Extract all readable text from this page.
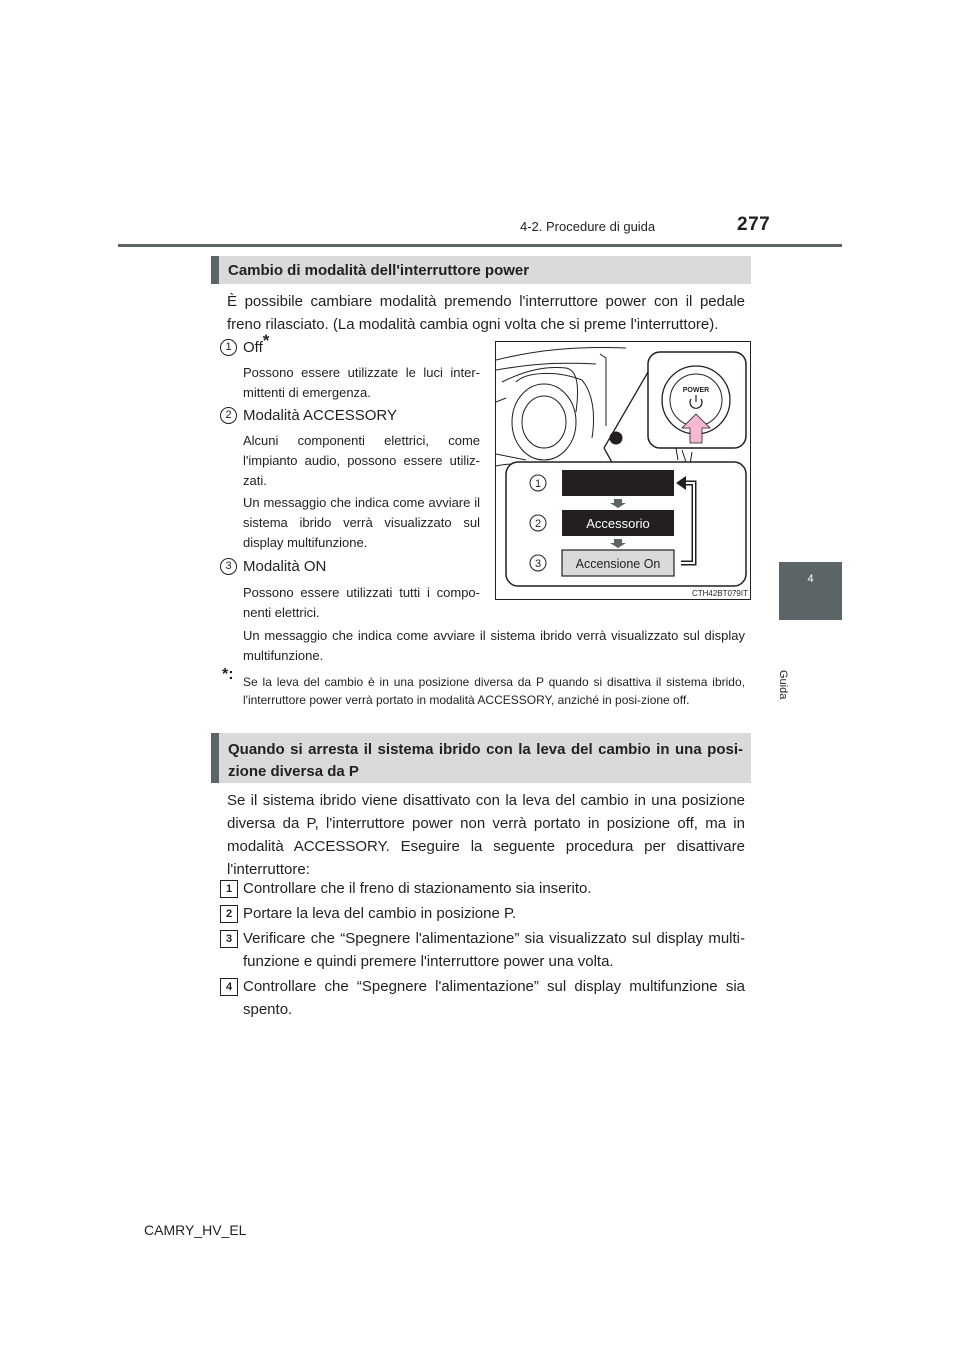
4-2. Procedure di guida	277
4
Guida
Cambio di modalità dell'interruttore power
È possibile cambiare modalità premendo l'interruttore power con il pedale freno rilasciato. (La modalità cambia ogni volta che si preme l'interruttore).
1 Off*
Possono essere utilizzate le luci inter-mittenti di emergenza.
2 Modalità ACCESSORY
Alcuni componenti elettrici, come l'impianto audio, possono essere utiliz-zati.
Un messaggio che indica come avviare il sistema ibrido verrà visualizzato sul display multifunzione.
3 Modalità ON
Possono essere utilizzati tutti i compo-nenti elettrici.
Un messaggio che indica come avviare il sistema ibrido verrà visualizzato sul display multifunzione.
*: Se la leva del cambio è in una posizione diversa da P quando si disattiva il sistema ibrido, l'interruttore power verrà portato in modalità ACCESSORY, anziché in posi-zione off.
POWER
Accessorio
Accensione On
1
2
3
CTH42BT079IT
Quando si arresta il sistema ibrido con la leva del cambio in una posi-zione diversa da P
Se il sistema ibrido viene disattivato con la leva del cambio in una posizione diversa da P, l'interruttore power non verrà portato in posizione off, ma in modalità ACCESSORY. Eseguire la seguente procedura per disattivare l'interruttore:
1 Controllare che il freno di stazionamento sia inserito.
2 Portare la leva del cambio in posizione P.
3 Verificare che “Spegnere l'alimentazione” sia visualizzato sul display multi-funzione e quindi premere l'interruttore power una volta.
4 Controllare che “Spegnere l'alimentazione” sul display multifunzione sia spento.
CAMRY_HV_EL
